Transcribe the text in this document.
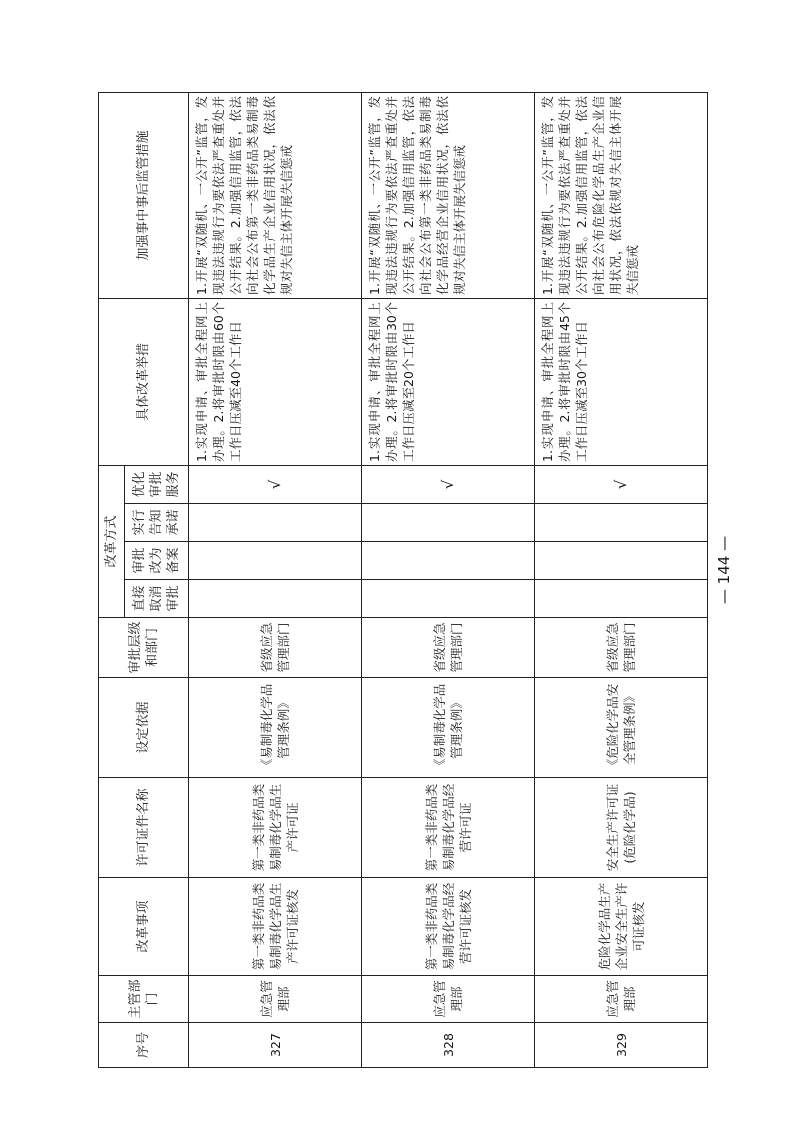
序号	主管部门	改革事项	许可证件名称	设定依据	审批层级和部门	改革方式				具体改革举措	加强事中事后监管措施
						直接取消审批	审批改为备案	实行告知承诺	优化审批服务		
327	应急管理部	第一类非药品类易制毒化学品生产许可证核发	第一类非药品类易制毒化学品生产许可证	《易制毒化学品管理条例》	省级应急管理部门				√	1.实现申请、审批全程网上办理。2.将审批时限由60个工作日压减至40个工作日	1.开展“双随机、一公开”监管，发现违法违规行为要依法严查重处并公开结果。2.加强信用监管，依法向社会公布第一类非药品类易制毒化学品生产企业信用状况，依法依规对失信主体开展失信惩戒
328	应急管理部	第一类非药品类易制毒化学品经营许可证核发	第一类非药品类易制毒化学品经营许可证	《易制毒化学品管理条例》	省级应急管理部门				√	1.实现申请、审批全程网上办理。2.将审批时限由30个工作日压减至20个工作日	1.开展“双随机、一公开”监管，发现违法违规行为要依法严查重处并公开结果。2.加强信用监管，依法向社会公布第一类非药品类易制毒化学品经营企业信用状况，依法依规对失信主体开展失信惩戒
329	应急管理部	危险化学品生产企业安全生产许可证核发	安全生产许可证(危险化学品)	《危险化学品安全管理条例》	省级应急管理部门				√	1.实现申请、审批全程网上办理。2.将审批时限由45个工作日压减至30个工作日	1.开展“双随机、一公开”监管，发现违法违规行为要依法严查重处并公开结果。2.加强信用监管，依法向社会公布危险化学品生产企业信用状况，依法依规对失信主体开展失信惩戒
— 144 —
